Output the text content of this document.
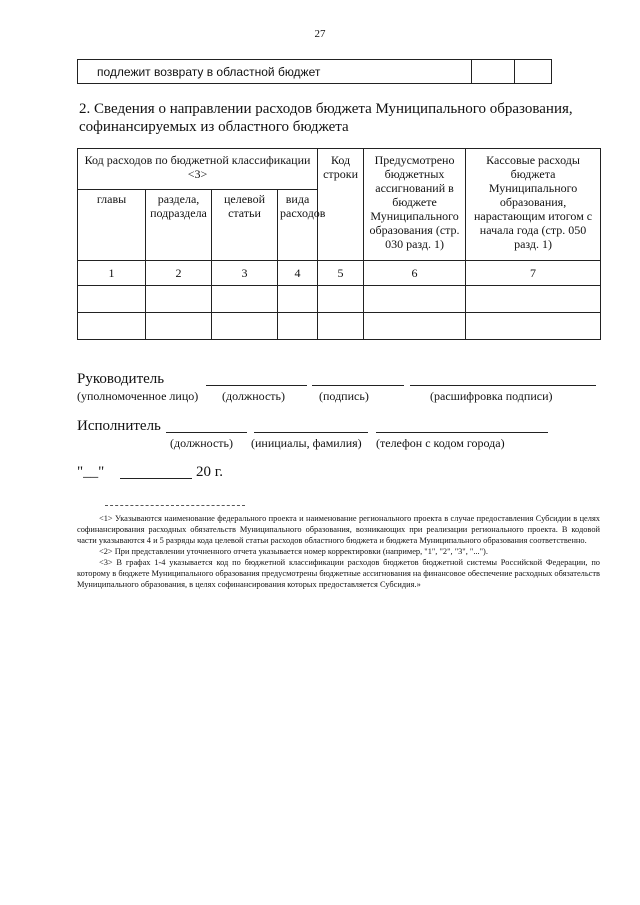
27
подлежит возврату в областной бюджет
2. Сведения о направлении расходов бюджета Муниципального образования,
софинансируемых из областного бюджета
Код расходов по бюджетной классификации <3>				Код строки	Предусмотрено бюджетных ассигнований в бюджете Муниципального образования (стр. 030 разд. 1)	Кассовые расходы бюджета Муниципального образования, нарастающим итогом с начала года (стр. 050 разд. 1)
главы	раздела, подраздела	целевой статьи	вида расходов			
1	2	3	4	5	6	7

Руководитель
(уполномоченное лицо) (должность)	(подпись)	(расшифровка подписи)
Исполнитель
(должность) (инициалы, фамилия) (телефон с кодом города)
"__"	20 г.

<1> Указываются наименование федерального проекта и наименование регионального проекта в случае предоставления Субсидии в целях софинансирования расходных обязательств Муниципального образования, возникающих при реализации регионального проекта. В кодовой части указываются 4 и 5 разряды кода целевой статьи расходов областного бюджета и бюджета Муниципального образования соответственно.

<2> При представлении уточненного отчета указывается номер корректировки (например, "1", "2", "3", "...").

<3> В графах 1-4 указывается код по бюджетной классификации расходов бюджетов бюджетной системы Российской Федерации, по которому в бюджете Муниципального образования предусмотрены бюджетные ассигнования на финансовое обеспечение расходных обязательств Муниципального образования, в целях софинансирования которых предоставляется Субсидия.»
